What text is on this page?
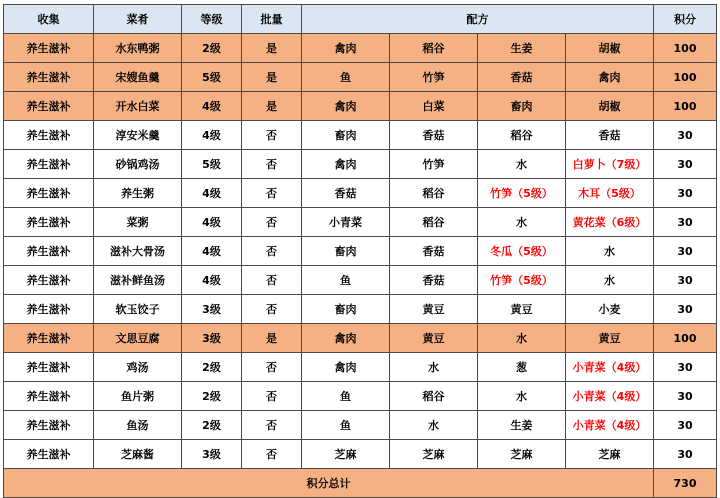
收集	菜肴	等级	批量	配方				积分
养生滋补	水东鸭粥	2级	是	禽肉	稻谷	生姜	胡椒	100
养生滋补	宋嫂鱼羹	5级	是	鱼	竹笋	香菇	禽肉	100
养生滋补	开水白菜	4级	是	禽肉	白菜	畜肉	胡椒	100
养生滋补	淳安米羹	4级	否	畜肉	香菇	稻谷	香菇	30
养生滋补	砂锅鸡汤	5级	否	禽肉	竹笋	水	白萝卜（7级）	30
养生滋补	养生粥	4级	否	香菇	稻谷	竹笋（5级）	木耳（5级）	30
养生滋补	菜粥	4级	否	小青菜	稻谷	水	黄花菜（6级）	30
养生滋补	滋补大骨汤	4级	否	畜肉	香菇	冬瓜（5级）	水	30
养生滋补	滋补鲜鱼汤	4级	否	鱼	香菇	竹笋（5级）	水	30
养生滋补	软玉饺子	3级	否	畜肉	黄豆	黄豆	小麦	30
养生滋补	文思豆腐	3级	是	禽肉	黄豆	水	黄豆	100
养生滋补	鸡汤	2级	否	禽肉	水	葱	小青菜（4级）	30
养生滋补	鱼片粥	2级	否	鱼	稻谷	水	小青菜（4级）	30
养生滋补	鱼汤	2级	否	鱼	水	生姜	小青菜（4级）	30
养生滋补	芝麻酱	3级	否	芝麻	芝麻	芝麻	芝麻	30
积分总计								730
